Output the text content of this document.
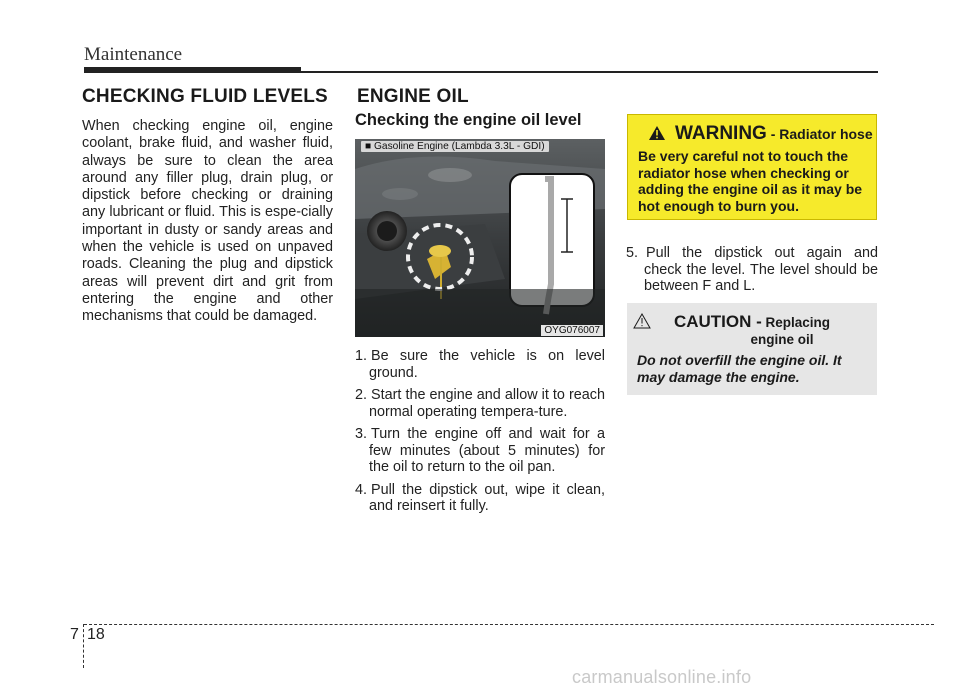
Maintenance
CHECKING FLUID LEVELS
When checking engine oil, engine coolant, brake fluid, and washer fluid, always be sure to clean the area around any filler plug, drain plug, or dipstick before checking or draining any lubricant or fluid. This is espe-cially important in dusty or sandy areas and when the vehicle is used on unpaved roads. Cleaning the plug and dipstick areas will prevent dirt and grit from entering the engine and other mechanisms that could be damaged.
ENGINE OIL
Checking the engine oil level
■ Gasoline Engine (Lambda 3.3L - GDI)
OYG076007
1. Be sure the vehicle is on level ground.
2. Start the engine and allow it to reach normal operating tempera-ture.
3. Turn the engine off and wait for a few minutes (about 5 minutes) for the oil to return to the oil pan.
4. Pull the dipstick out, wipe it clean, and reinsert it fully.
WARNING - Radiator hose
Be very careful not to touch the radiator hose when checking or adding the engine oil as it may be hot enough to burn you.
5. Pull the dipstick out again and check the level. The level should be between F and L.
CAUTION - Replacing
engine oil
Do not overfill the engine oil. It may damage the engine.
7 18
carmanualsonline.info
